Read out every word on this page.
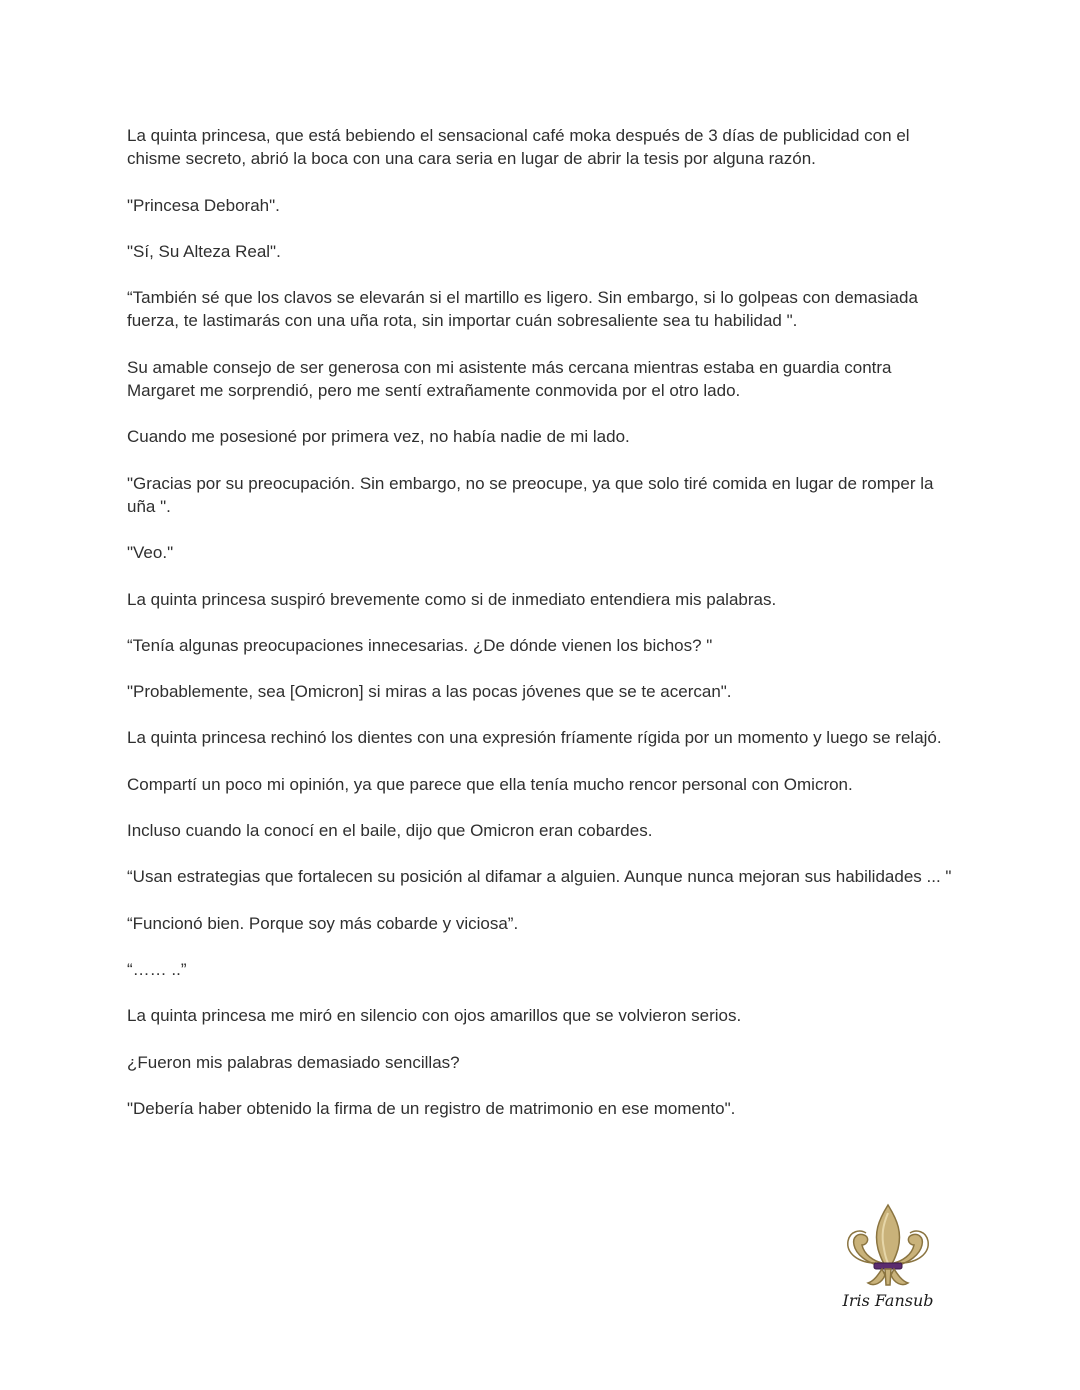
La quinta princesa, que está bebiendo el sensacional café moka después de 3 días de publicidad con el chisme secreto, abrió la boca con una cara seria en lugar de abrir la tesis por alguna razón.

"Princesa Deborah".

"Sí, Su Alteza Real".

“También sé que los clavos se elevarán si el martillo es ligero. Sin embargo, si lo golpeas con demasiada fuerza, te lastimarás con una uña rota, sin importar cuán sobresaliente sea tu habilidad ".

Su amable consejo de ser generosa con mi asistente más cercana mientras estaba en guardia contra Margaret me sorprendió, pero me sentí extrañamente conmovida por el otro lado.

Cuando me posesioné por primera vez, no había nadie de mi lado.

"Gracias por su preocupación. Sin embargo, no se preocupe, ya que solo tiré comida en lugar de romper la uña ".

"Veo."

La quinta princesa suspiró brevemente como si de inmediato entendiera mis palabras.

“Tenía algunas preocupaciones innecesarias. ¿De dónde vienen los bichos? "

"Probablemente, sea [Omicron] si miras a las pocas jóvenes que se te acercan".

La quinta princesa rechinó los dientes con una expresión fríamente rígida por un momento y luego se relajó.

Compartí un poco mi opinión, ya que parece que ella tenía mucho rencor personal con Omicron.

Incluso cuando la conocí en el baile, dijo que Omicron eran cobardes.

“Usan estrategias que fortalecen su posición al difamar a alguien. Aunque nunca mejoran sus habilidades ... "

“Funcionó bien. Porque soy más cobarde y viciosa”.

“…… ..”

La quinta princesa me miró en silencio con ojos amarillos que se volvieron serios.

¿Fueron mis palabras demasiado sencillas?

"Debería haber obtenido la firma de un registro de matrimonio en ese momento".

Iris Fansub
